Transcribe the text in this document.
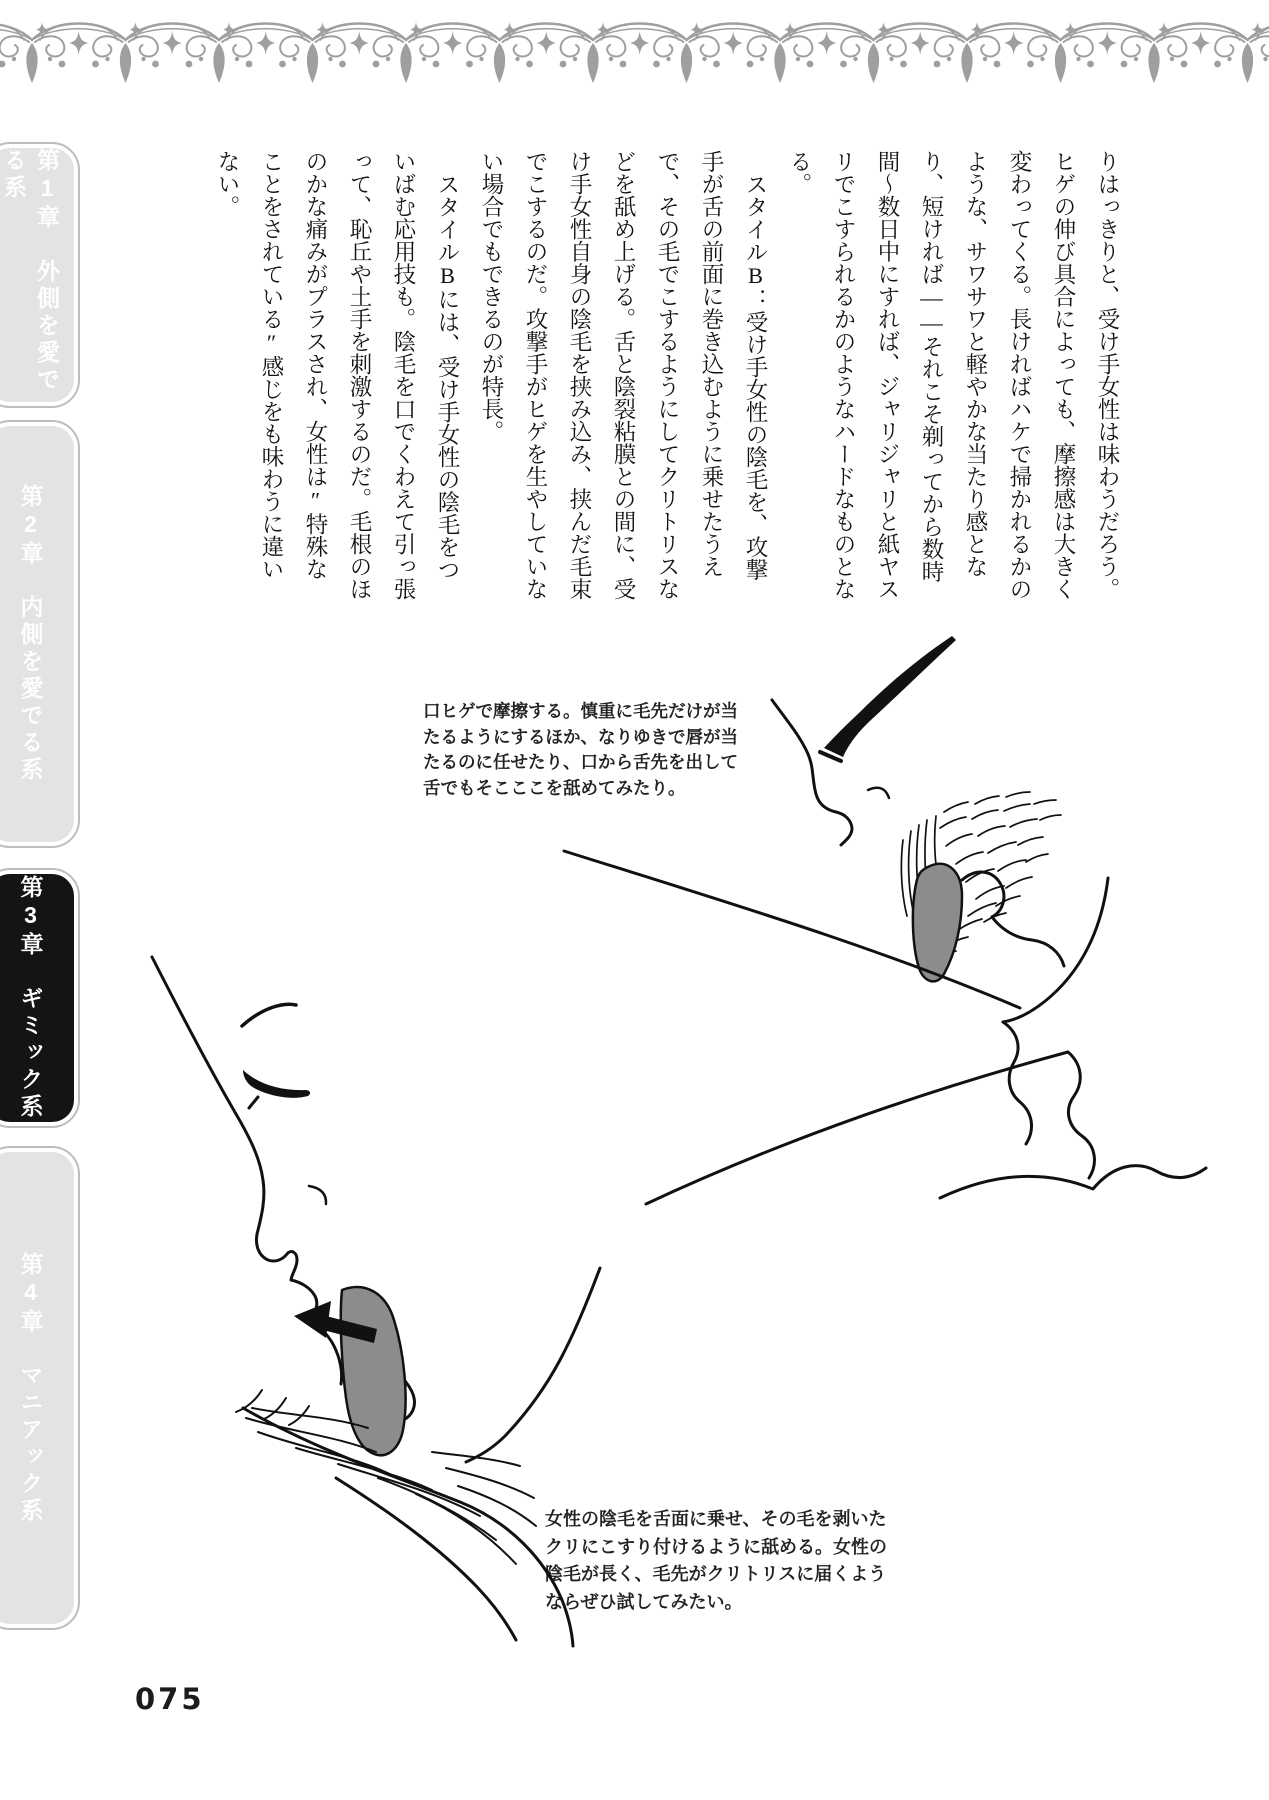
第1章　外側を愛でる系
第2章　内側を愛でる系
第3章　ギミック系
第4章　マニアック系

りはっきりと、受け手女性は味わうだろう。ヒゲの伸び具合によっても、摩擦感は大きく変わってくる。長ければハケで掃かれるかのような、サワサワと軽やかな当たり感となり、短ければ――それこそ剃ってから数時間～数日中にすれば、ジャリジャリと紙ヤスリでこすられるかのようなハードなものとなる。

スタイルB：受け手女性の陰毛を、攻撃手が舌の前面に巻き込むように乗せたうえで、その毛でこするようにしてクリトリスなどを舐め上げる。舌と陰裂粘膜との間に、受け手女性自身の陰毛を挟み込み、挟んだ毛束でこするのだ。攻撃手がヒゲを生やしていない場合でもできるのが特長。

スタイルBには、受け手女性の陰毛をついばむ応用技も。陰毛を口でくわえて引っ張って、恥丘や土手を刺激するのだ。毛根のほのかな痛みがプラスされ、女性は″特殊なことをされている″感じをも味わうに違いない。

口ヒゲで摩擦する。慎重に毛先だけが当たるようにするほか、なりゆきで唇が当たるのに任せたり、口から舌先を出して舌でもそこここを舐めてみたり。
女性の陰毛を舌面に乗せ、その毛を剥いたクリにこすり付けるように舐める。女性の陰毛が長く、毛先がクリトリスに届くようならぜひ試してみたい。
075
